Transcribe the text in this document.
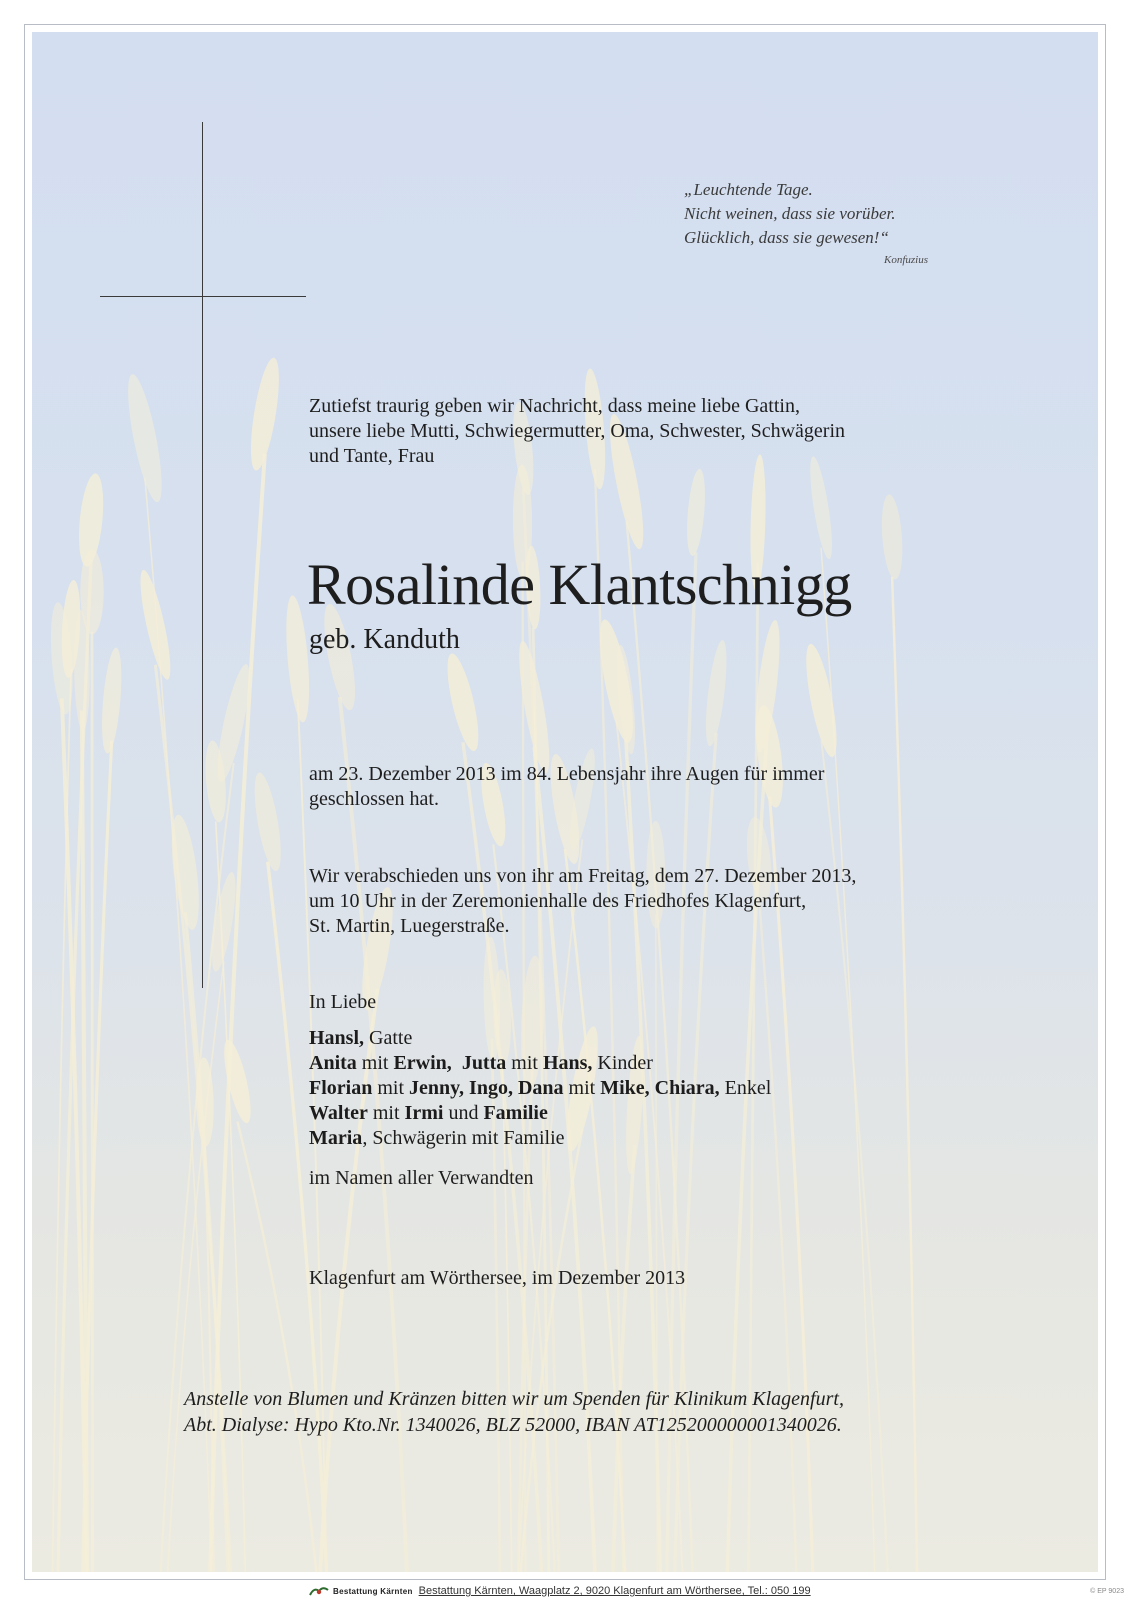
„Leuchtende Tage.
Nicht weinen, dass sie vorüber.
Glücklich, dass sie gewesen!“
Konfuzius
Zutiefst traurig geben wir Nachricht, dass meine liebe Gattin,
unsere liebe Mutti, Schwiegermutter, Oma, Schwester, Schwägerin
und Tante, Frau
Rosalinde Klantschnigg
geb. Kanduth
am 23. Dezember 2013 im 84. Lebensjahr ihre Augen für immer
geschlossen hat.
Wir verabschieden uns von ihr am Freitag, dem 27. Dezember 2013,
um 10 Uhr in der Zeremonienhalle des Friedhofes Klagenfurt,
St. Martin, Luegerstraße.
In Liebe
Hansl, Gatte
Anita mit Erwin, Jutta mit Hans, Kinder
Florian mit Jenny, Ingo, Dana mit Mike, Chiara, Enkel
Walter mit Irmi und Familie
Maria, Schwägerin mit Familie
im Namen aller Verwandten
Klagenfurt am Wörthersee, im Dezember 2013
Anstelle von Blumen und Kränzen bitten wir um Spenden für Klinikum Klagenfurt,
Abt. Dialyse: Hypo Kto.Nr. 1340026, BLZ 52000, IBAN AT125200000001340026.
Bestattung Kärnten Bestattung Kärnten, Waagplatz 2, 9020 Klagenfurt am Wörthersee, Tel.: 050 199	© EP 9023
